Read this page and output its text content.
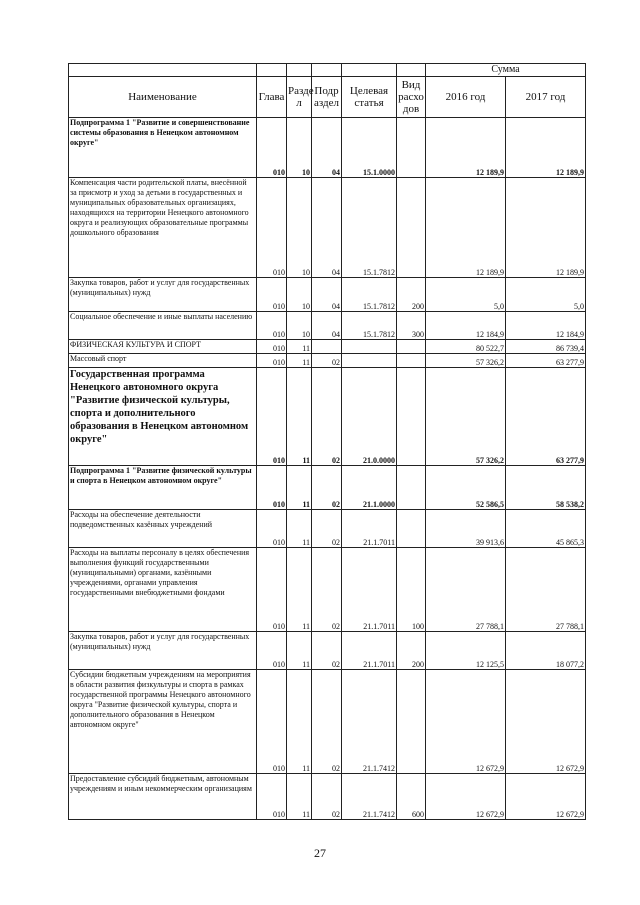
						Сумма	
Наименование	Глава	Разде л	Подр аздел	Целевая статья	Вид расхо дов	2016 год	2017 год
Подпрограмма 1 "Развитие и совершенствование системы образования в Ненецком автономном округе"	010	10	04	15.1.0000		12 189,9	12 189,9
Компенсация части родительской платы, внесённой за присмотр и уход за детьми в государственных и муниципальных образовательных организациях, находящихся на территории Ненецкого автономного округа и реализующих образовательные программы дошкольного образования	010	10	04	15.1.7812		12 189,9	12 189,9
Закупка товаров, работ и услуг для государственных (муниципальных) нужд	010	10	04	15.1.7812	200	5,0	5,0
Социальное обеспечение и иные выплаты населению	010	10	04	15.1.7812	300	12 184,9	12 184,9
ФИЗИЧЕСКАЯ КУЛЬТУРА И СПОРТ	010	11				80 522,7	86 739,4
Массовый спорт	010	11	02			57 326,2	63 277,9
Государственная программа Ненецкого автономного округа "Развитие физической культуры, спорта и дополнительного образования в Ненецком автономном округе"	010	11	02	21.0.0000		57 326,2	63 277,9
Подпрограмма 1 "Развитие физической культуры и спорта в Ненецком автономном округе"	010	11	02	21.1.0000		52 586,5	58 538,2
Расходы на обеспечение деятельности подведомственных казённых учреждений	010	11	02	21.1.7011		39 913,6	45 865,3
Расходы на выплаты персоналу в целях обеспечения выполнения функций государственными (муниципальными) органами, казёнными учреждениями, органами управления государственными внебюджетными фондами	010	11	02	21.1.7011	100	27 788,1	27 788,1
Закупка товаров, работ и услуг для государственных (муниципальных) нужд	010	11	02	21.1.7011	200	12 125,5	18 077,2
Субсидии бюджетным учреждениям на мероприятия в области развития физкультуры и спорта в рамках государственной программы Ненецкого автономного округа "Развитие физической культуры, спорта и дополнительного образования в Ненецком автономном округе"	010	11	02	21.1.7412		12 672,9	12 672,9
Предоставление субсидий бюджетным, автономным учреждениям и иным некоммерческим организациям	010	11	02	21.1.7412	600	12 672,9	12 672,9
27
